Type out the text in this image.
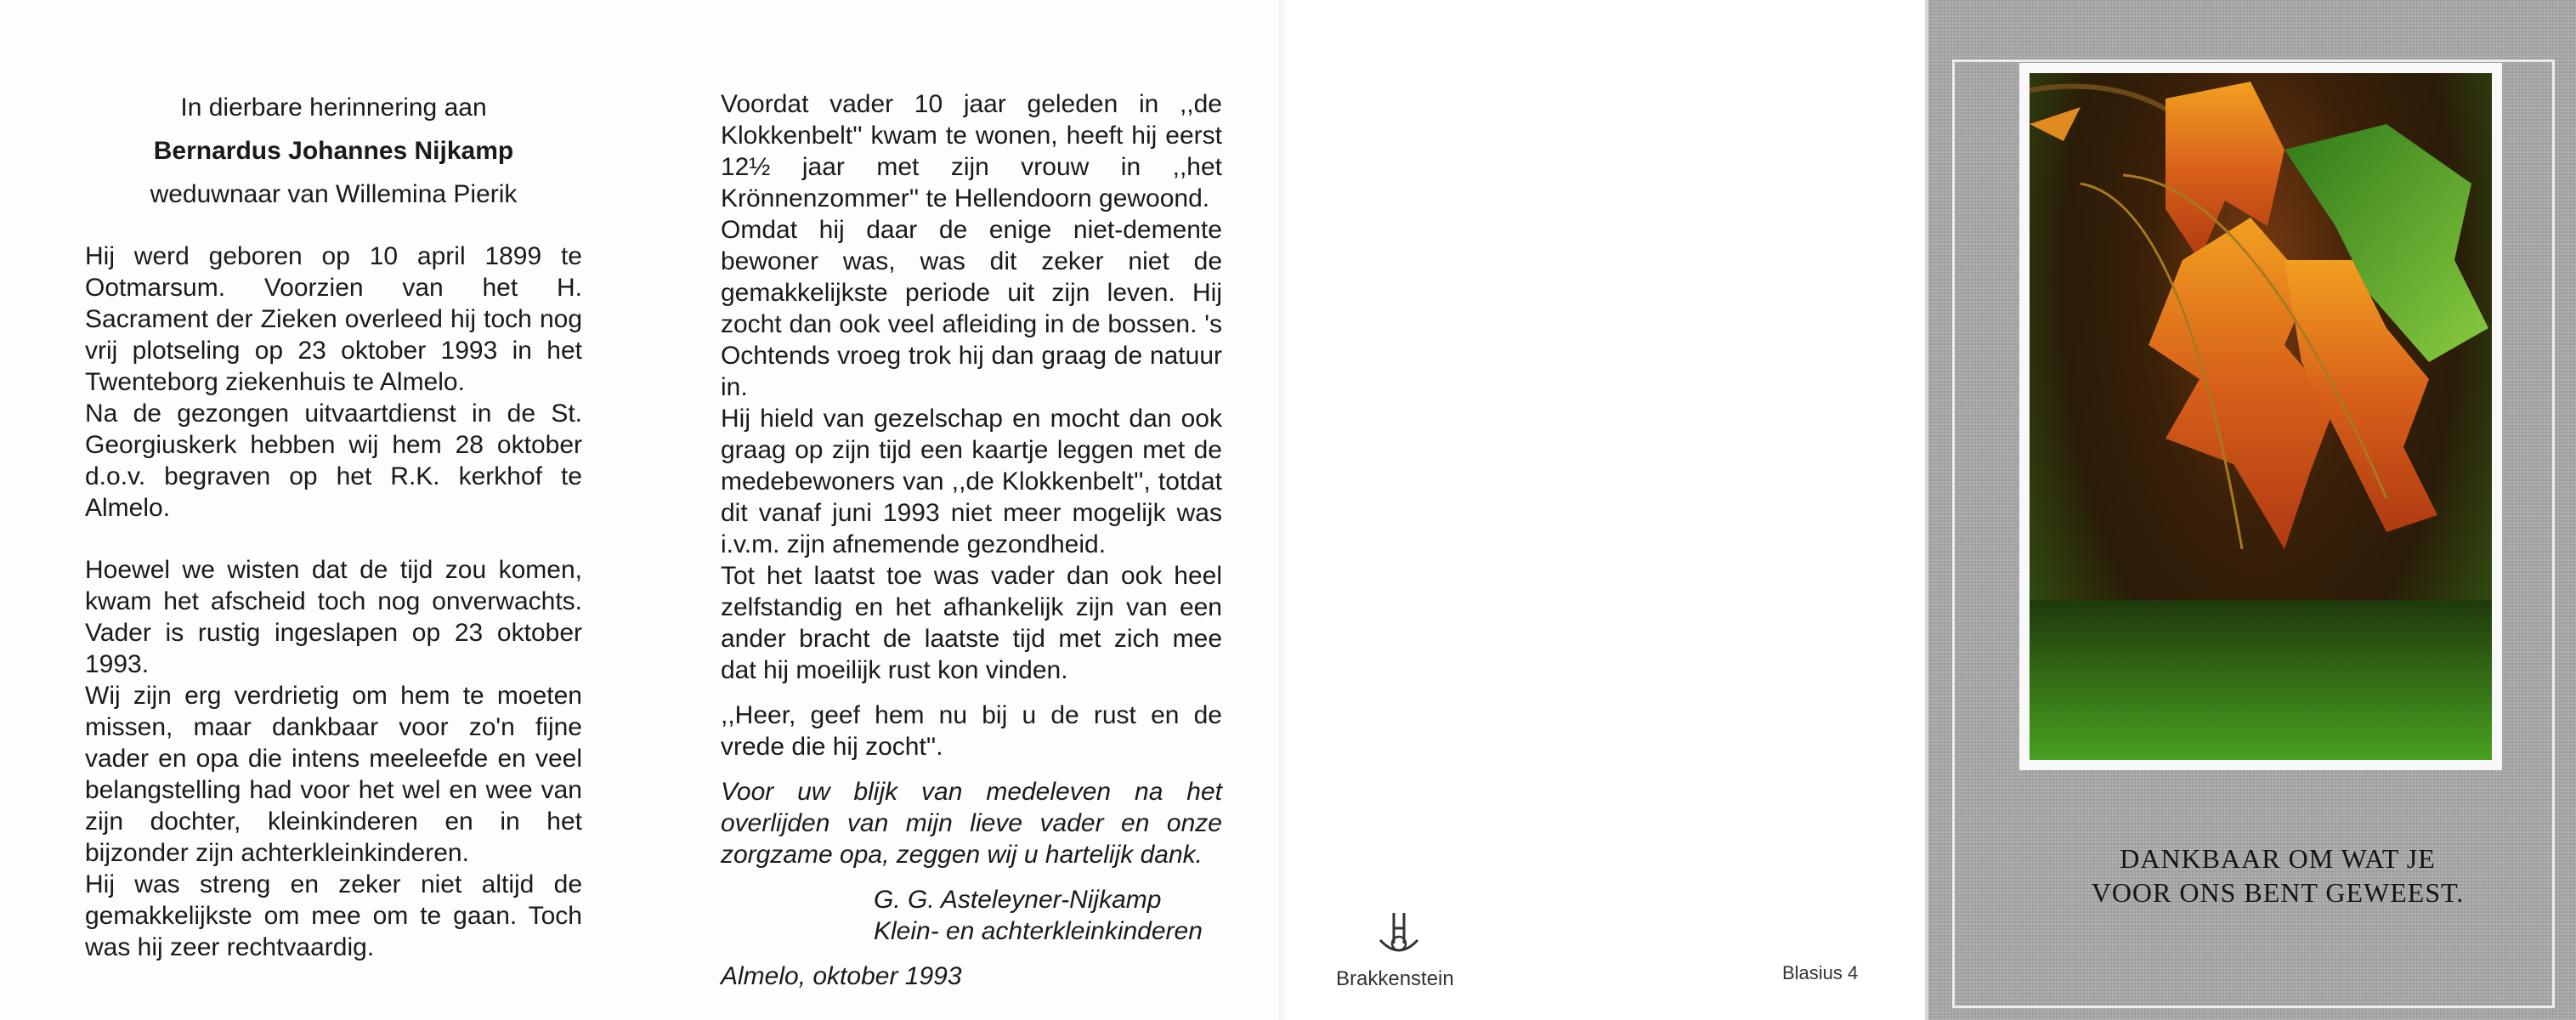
In dierbare herinnering aan
Bernardus Johannes Nijkamp
weduwnaar van Willemina Pierik
Hij werd geboren op 10 april 1899 te Ootmarsum. Voorzien van het H. Sacrament der Zieken overleed hij toch nog vrij plotseling op 23 oktober 1993 in het Twenteborg ziekenhuis te Almelo.
Na de gezongen uitvaartdienst in de St. Georgiuskerk hebben wij hem 28 oktober d.o.v. begraven op het R.K. kerkhof te Almelo.
Hoewel we wisten dat de tijd zou komen, kwam het afscheid toch nog onverwachts. Vader is rustig ingeslapen op 23 oktober 1993.
Wij zijn erg verdrietig om hem te moeten missen, maar dankbaar voor zo'n fijne vader en opa die intens meeleefde en veel belangstelling had voor het wel en wee van zijn dochter, kleinkinderen en in het bijzonder zijn achterkleinkinderen.
Hij was streng en zeker niet altijd de gemakkelijkste om mee om te gaan. Toch was hij zeer rechtvaardig.
Voordat vader 10 jaar geleden in ,,de Klokkenbelt'' kwam te wonen, heeft hij eerst 12½ jaar met zijn vrouw in ,,het Krönnenzommer'' te Hellendoorn gewoond.
Omdat hij daar de enige niet-demente bewoner was, was dit zeker niet de gemakkelijkste periode uit zijn leven. Hij zocht dan ook veel afleiding in de bossen. 's Ochtends vroeg trok hij dan graag de natuur in.
Hij hield van gezelschap en mocht dan ook graag op zijn tijd een kaartje leggen met de medebewoners van ,,de Klokkenbelt'', totdat dit vanaf juni 1993 niet meer mogelijk was i.v.m. zijn afnemende gezondheid.
Tot het laatst toe was vader dan ook heel zelfstandig en het afhankelijk zijn van een ander bracht de laatste tijd met zich mee dat hij moeilijk rust kon vinden.
,,Heer, geef hem nu bij u de rust en de vrede die hij zocht''.
Voor uw blijk van medeleven na het overlijden van mijn lieve vader en onze zorgzame opa, zeggen wij u hartelijk dank.
G. G. Asteleyner-Nijkamp
Klein- en achterkleinkinderen
Almelo, oktober 1993	Brakkenstein	Blasius 4
DANKBAAR OM WAT JE
VOOR ONS BENT GEWEEST.
